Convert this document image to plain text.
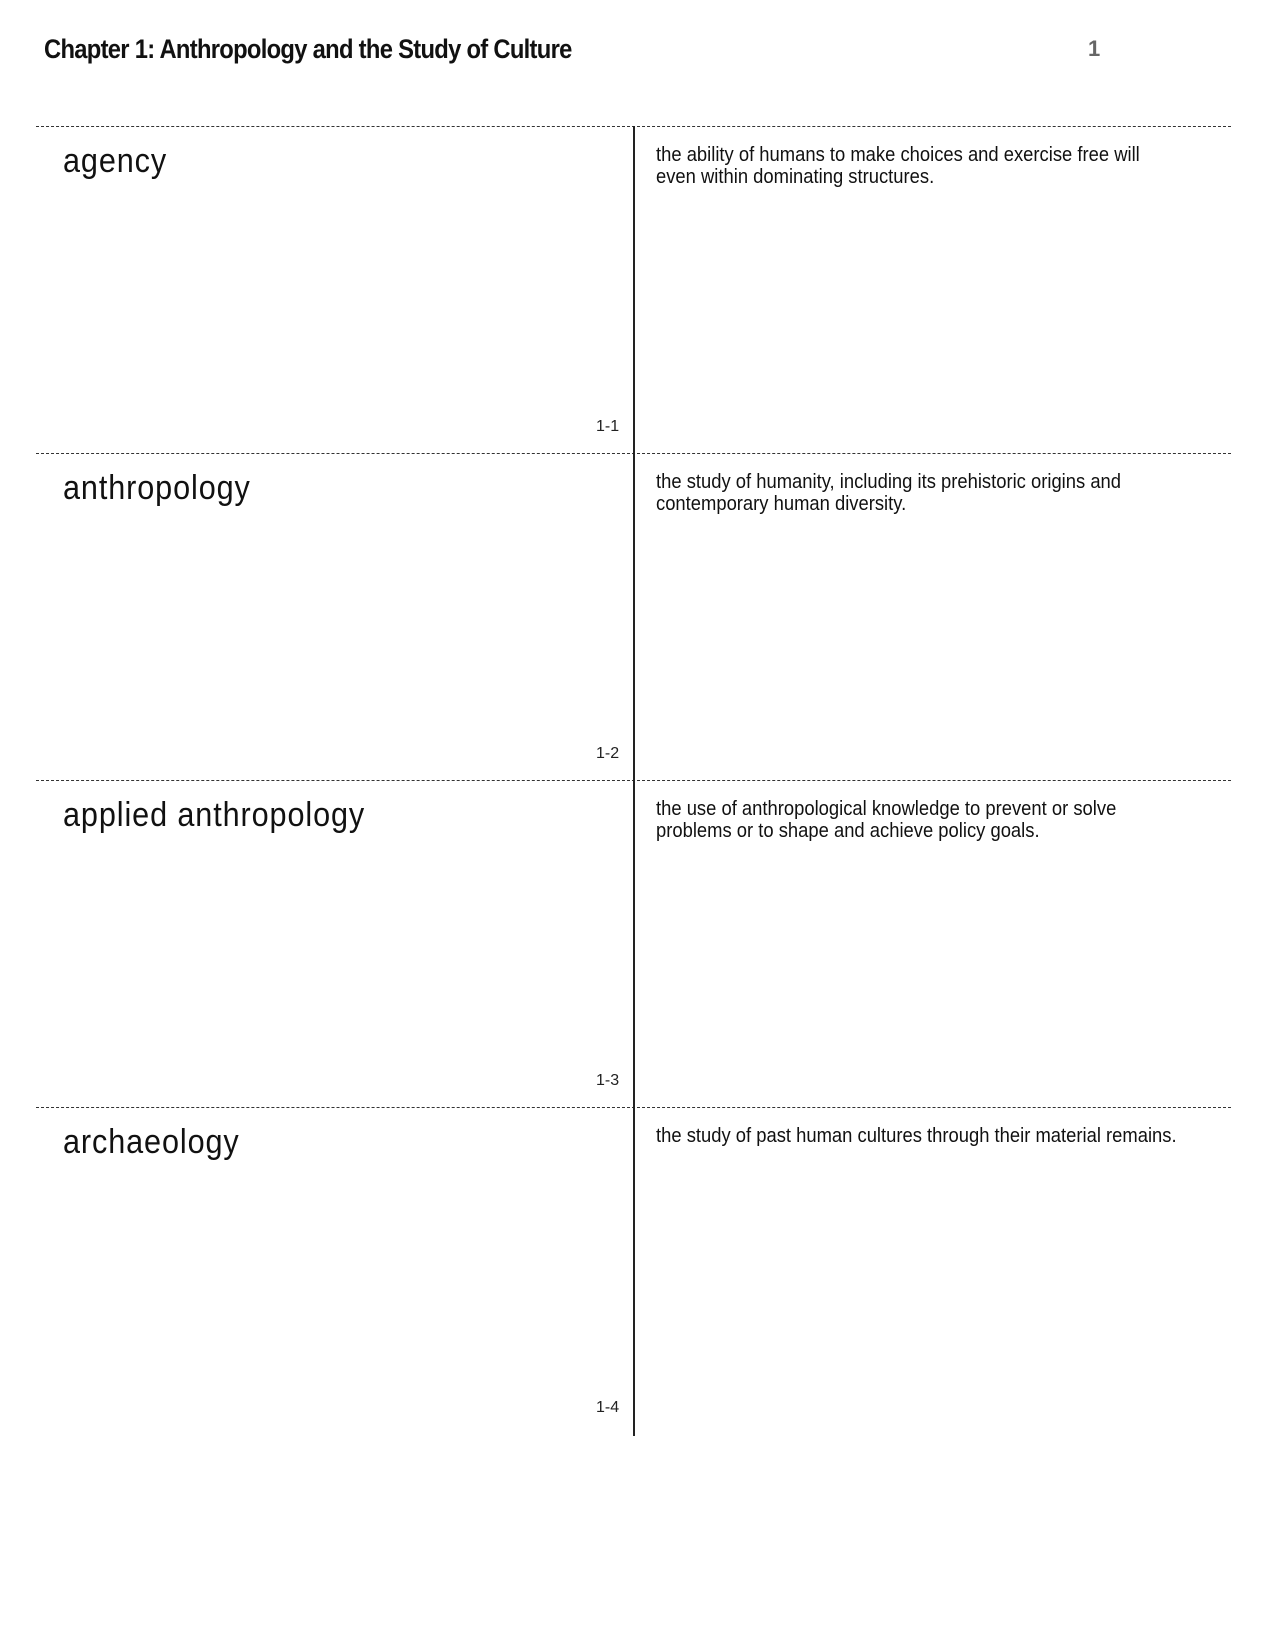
Chapter 1: Anthropology and the Study of Culture	1
agency
1-1
the ability of humans to make choices and exercise free will even within dominating structures.
anthropology
1-2
the study of humanity, including its prehistoric origins and contemporary human diversity.
applied anthropology
1-3
the use of anthropological knowledge to prevent or solve problems or to shape and achieve policy goals.
archaeology
1-4
the study of past human cultures through their material remains.
